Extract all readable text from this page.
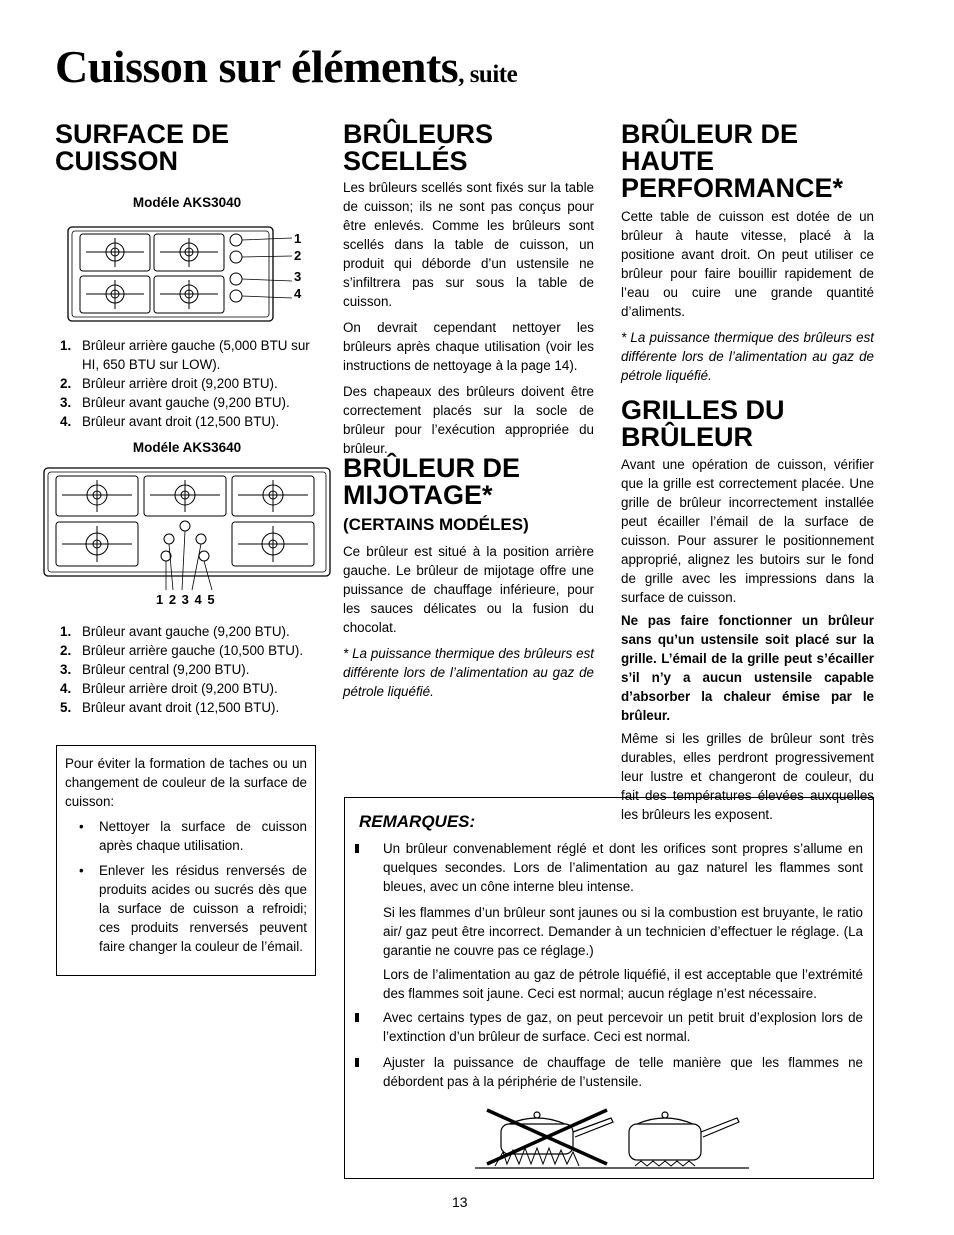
Cuisson sur éléments, suite
SURFACE DE CUISSON
Modéle AKS3040
1
2
3
4
1. Brûleur arrière gauche (5,000 BTU sur HI, 650 BTU sur LOW).
2. Brûleur arrière droit (9,200 BTU).
3. Brûleur avant gauche (9,200 BTU).
4. Brûleur avant droit (12,500 BTU).
Modéle AKS3640
1 2 3 4 5
1. Brûleur avant gauche (9,200 BTU).
2. Brûleur arrière gauche (10,500 BTU).
3. Brûleur central (9,200 BTU).
4. Brûleur arrière droit (9,200 BTU).
5. Brûleur avant droit (12,500 BTU).
Pour éviter la formation de taches ou un changement de couleur de la surface de cuisson:
• Nettoyer la surface de cuisson après chaque utilisation.
• Enlever les résidus renversés de produits acides ou sucrés dès que la surface de cuisson a refroidi; ces produits renversés peuvent faire changer la couleur de l’émail.
BRÛLEURS SCELLÉS
Les brûleurs scellés sont fixés sur la table de cuisson; ils ne sont pas conçus pour être enlevés. Comme les brûleurs sont scellés dans la table de cuisson, un produit qui déborde d’un ustensile ne s’infiltrera pas sur sous la table de cuisson.
On devrait cependant nettoyer les brûleurs après chaque utilisation (voir les instructions de nettoyage à la page 14).
Des chapeaux des brûleurs doivent être correctement placés sur la socle de brûleur pour l’exécution appropriée du brûleur.
BRÛLEUR DE MIJOTAGE*
(CERTAINS MODÉLES)
Ce brûleur est situé à la position arrière gauche. Le brûleur de mijotage offre une puissance de chauffage inférieure, pour les sauces délicates ou la fusion du chocolat.
* La puissance thermique des brûleurs est différente lors de l’alimentation au gaz de pétrole liquéfié.
BRÛLEUR DE HAUTE PERFORMANCE*
Cette table de cuisson est dotée de un brûleur à haute vitesse, placé à la positione avant droit. On peut utiliser ce brûleur pour faire bouillir rapidement de l’eau ou cuire une grande quantité d’aliments.
* La puissance thermique des brûleurs est différente lors de l’alimentation au gaz de pétrole liquéfié.
GRILLES DU BRÛLEUR
Avant une opération de cuisson, vérifier que la grille est correctement placée. Une grille de brûleur incorrectement installée peut écailler l’émail de la surface de cuisson. Pour assurer le positionnement approprié, alignez les butoirs sur le fond de grille avec les impressions dans la surface de cuisson.
Ne pas faire fonctionner un brûleur sans qu’un ustensile soit placé sur la grille. L’émail de la grille peut s’écailler s’il n’y a aucun ustensile capable d’absorber la chaleur émise par le brûleur.
Même si les grilles de brûleur sont très durables, elles perdront progressivement leur lustre et changeront de couleur, du fait des températures élevées auxquelles les brûleurs les exposent.
REMARQUES:
Un brûleur convenablement réglé et dont les orifices sont propres s’allume en quelques secondes. Lors de l’alimentation au gaz naturel les flammes sont bleues, avec un cône interne bleu intense.
Si les flammes d’un brûleur sont jaunes ou si la combustion est bruyante, le ratio air/ gaz peut être incorrect. Demander à un technicien d’effectuer le réglage. (La garantie ne couvre pas ce réglage.)
Lors de l’alimentation au gaz de pétrole liquéfié, il est acceptable que l’extrémité des flammes soit jaune. Ceci est normal; aucun réglage n’est nécessaire.
Avec certains types de gaz, on peut percevoir un petit bruit d’explosion lors de l’extinction d’un brûleur de surface. Ceci est normal.
Ajuster la puissance de chauffage de telle manière que les flammes ne débordent pas à la périphérie de l’ustensile.
13
